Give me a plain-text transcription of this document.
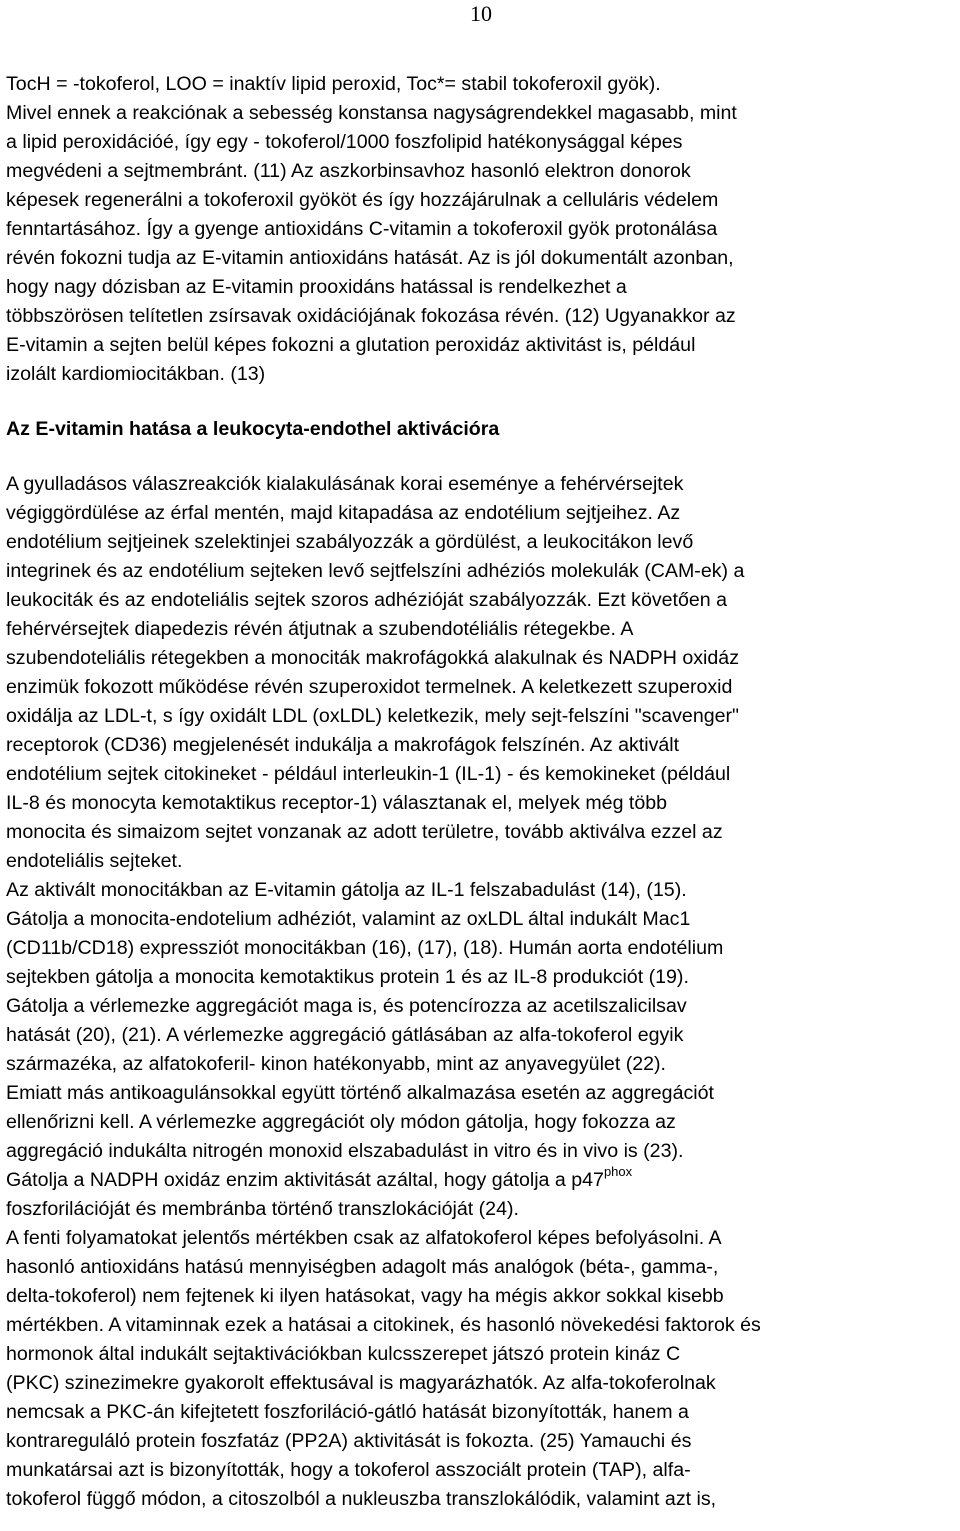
10
TocH = -tokoferol, LOO = inaktív lipid peroxid, Toc*= stabil tokoferoxil gyök).
Mivel ennek a reakciónak a sebesség konstansa nagyságrendekkel magasabb, mint
a lipid peroxidációé, így egy - tokoferol/1000 foszfolipid hatékonysággal képes
megvédeni a sejtmembránt. (11) Az aszkorbinsavhoz hasonló elektron donorok
képesek regenerálni a tokoferoxil gyököt és így hozzájárulnak a celluláris védelem
fenntartásához. Így a gyenge antioxidáns C-vitamin a tokoferoxil gyök protonálása
révén fokozni tudja az E-vitamin antioxidáns hatását. Az is jól dokumentált azonban,
hogy nagy dózisban az E-vitamin prooxidáns hatással is rendelkezhet a
többszörösen telítetlen zsírsavak oxidációjának fokozása révén. (12) Ugyanakkor az
E-vitamin a sejten belül képes fokozni a glutation peroxidáz aktivitást is, például
izolált kardiomiocitákban. (13)
Az E-vitamin hatása a leukocyta-endothel aktivációra
A gyulladásos válaszreakciók kialakulásának korai eseménye a fehérvérsejtek
végiggördülése az érfal mentén, majd kitapadása az endotélium sejtjeihez. Az
endotélium sejtjeinek szelektinjei szabályozzák a gördülést, a leukocitákon levő
integrinek és az endotélium sejteken levő sejtfelszíni adhéziós molekulák (CAM-ek) a
leukociták és az endoteliális sejtek szoros adhézióját szabályozzák. Ezt követően a
fehérvérsejtek diapedezis révén átjutnak a szubendotéliális rétegekbe. A
szubendoteliális rétegekben a monociták makrofágokká alakulnak és NADPH oxidáz
enzimük fokozott működése révén szuperoxidot termelnek. A keletkezett szuperoxid
oxidálja az LDL-t, s így oxidált LDL (oxLDL) keletkezik, mely sejt-felszíni "scavenger"
receptorok (CD36) megjelenését indukálja a makrofágok felszínén. Az aktivált
endotélium sejtek citokineket - például interleukin-1 (IL-1) - és kemokineket (például
IL-8 és monocyta kemotaktikus receptor-1) választanak el, melyek még több
monocita és simaizom sejtet vonzanak az adott területre, tovább aktiválva ezzel az
endoteliális sejteket.
Az aktivált monocitákban az E-vitamin gátolja az IL-1 felszabadulást (14), (15).
Gátolja a monocita-endotelium adhéziót, valamint az oxLDL által indukált Mac1
(CD11b/CD18) expressziót monocitákban (16), (17), (18). Humán aorta endotélium
sejtekben gátolja a monocita kemotaktikus protein 1 és az IL-8 produkciót (19).
Gátolja a vérlemezke aggregációt maga is, és potencírozza az acetilszalicilsav
hatását (20), (21). A vérlemezke aggregáció gátlásában az alfa-tokoferol egyik
származéka, az alfatokoferil- kinon hatékonyabb, mint az anyavegyület (22).
Emiatt más antikoagulánsokkal együtt történő alkalmazása esetén az aggregációt
ellenőrizni kell. A vérlemezke aggregációt oly módon gátolja, hogy fokozza az
aggregáció indukálta nitrogén monoxid elszabadulást in vitro és in vivo is (23).
Gátolja a NADPH oxidáz enzim aktivitását azáltal, hogy gátolja a $p47^{phox}$
foszforilációját és membránba történő transzlokációját (24).
A fenti folyamatokat jelentős mértékben csak az alfatokoferol képes befolyásolni. A
hasonló antioxidáns hatású mennyiségben adagolt más analógok (béta-, gamma-,
delta-tokoferol) nem fejtenek ki ilyen hatásokat, vagy ha mégis akkor sokkal kisebb
mértékben. A vitaminnak ezek a hatásai a citokinek, és hasonló növekedési faktorok és
hormonok által indukált sejtaktivációkban kulcsszerepet játszó protein kináz C
(PKC) szinezimekre gyakorolt effektusával is magyarázhatók. Az alfa-tokoferolnak
nemcsak a PKC-án kifejtetett foszforiláció-gátló hatását bizonyították, hanem a
kontraregulálό protein foszfatáz (PP2A) aktivitását is fokozta. (25) Yamauchi és
munkatársai azt is bizonyították, hogy a tokoferol asszociált protein (TAP), alfa-
tokoferol függő módon, a citoszolból a nukleuszba transzlokálódik, valamint azt is,
